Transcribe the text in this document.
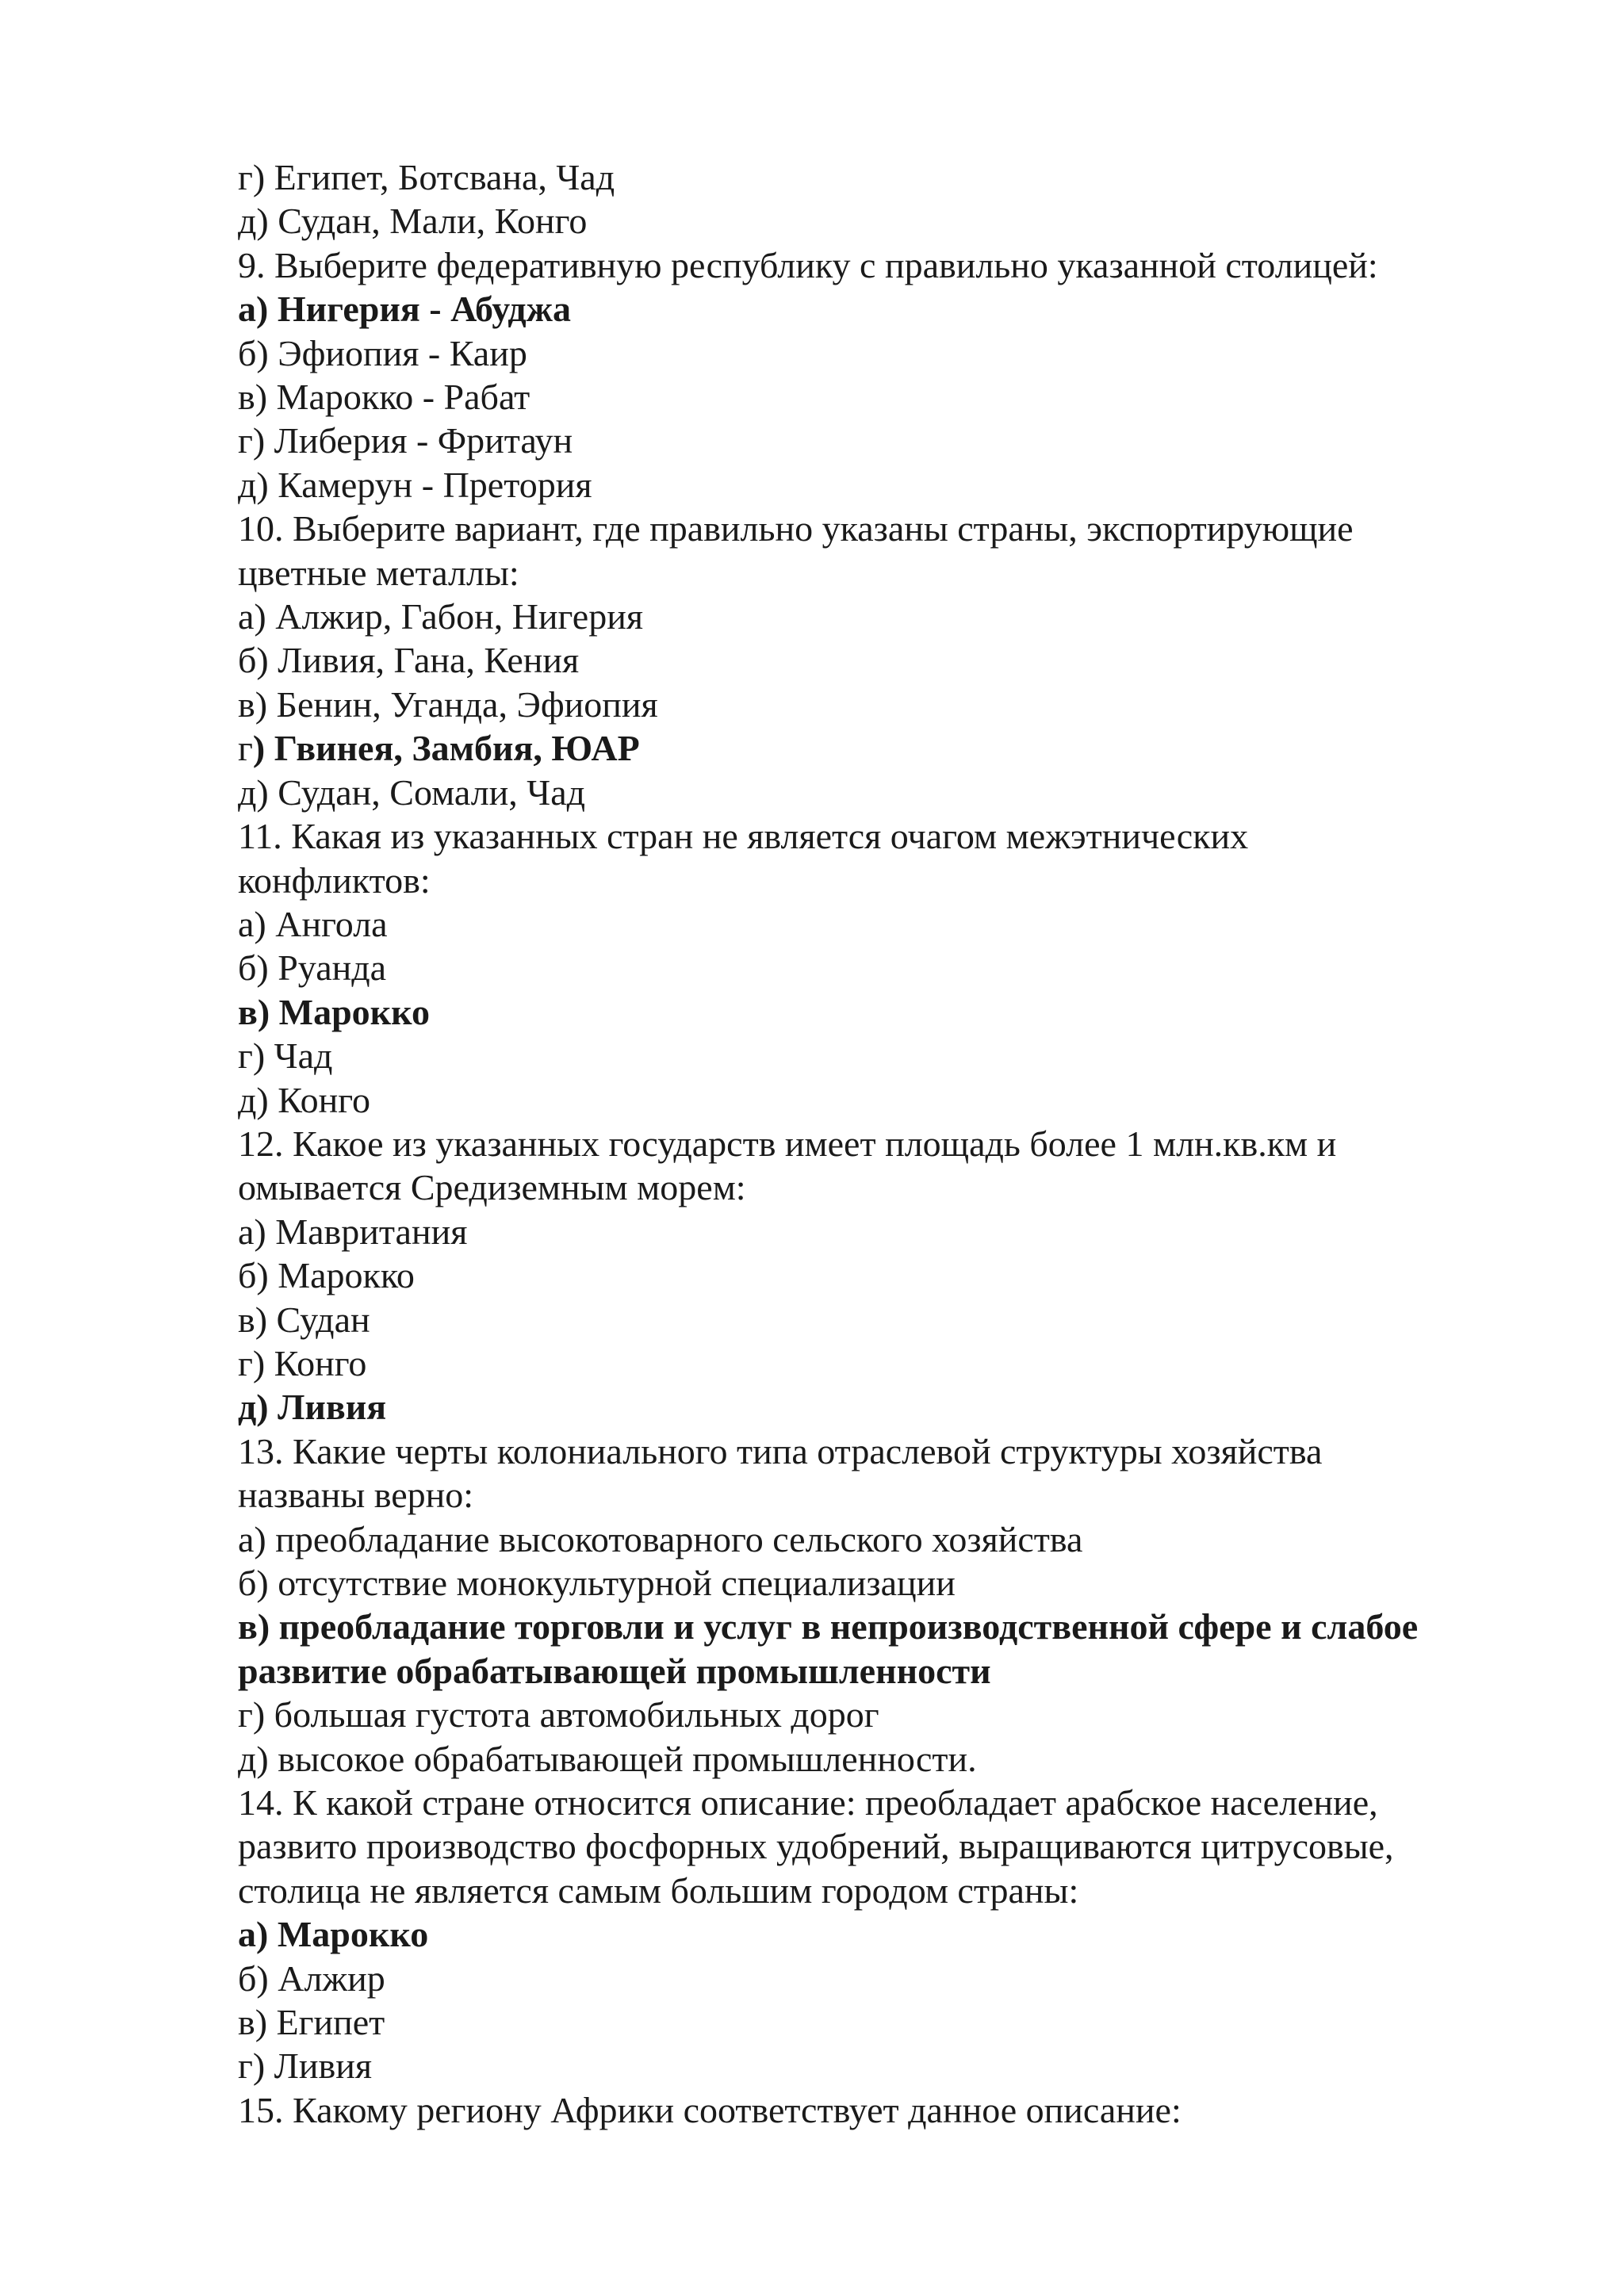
г) Египет, Ботсвана, Чад
д) Судан, Мали, Конго
9. Выберите федеративную республику с правильно указанной столицей:
а) Нигерия - Абуджа
б) Эфиопия - Каир
в) Марокко - Рабат
г) Либерия - Фритаун
д) Камерун - Претория
10. Выберите вариант, где правильно указаны страны, экспортирующие
цветные металлы:
а) Алжир, Габон, Нигерия
б) Ливия, Гана, Кения
в) Бенин, Уганда, Эфиопия
г) Гвинея, Замбия, ЮАР
д) Судан, Сомали, Чад
11. Какая из указанных стран не является очагом межэтнических
конфликтов:
а) Ангола
б) Руанда
в) Марокко
г) Чад
д) Конго
12. Какое из указанных государств имеет площадь более 1 млн.кв.км и
омывается Средиземным морем:
а) Мавритания
б) Марокко
в) Судан
г) Конго
д) Ливия
13. Какие черты колониального типа отраслевой структуры хозяйства
названы верно:
а) преобладание высокотоварного сельского хозяйства
б) отсутствие монокультурной специализации
в) преобладание торговли и услуг в непроизводственной сфере и слабое
развитие обрабатывающей промышленности
г) большая густота автомобильных дорог
д) высокое обрабатывающей промышленности.
14. К какой стране относится описание: преобладает арабское население,
развито производство фосфорных удобрений, выращиваются цитрусовые,
столица не является самым большим городом страны:
а) Марокко
б) Алжир
в) Египет
г) Ливия
15. Какому региону Африки соответствует данное описание:
